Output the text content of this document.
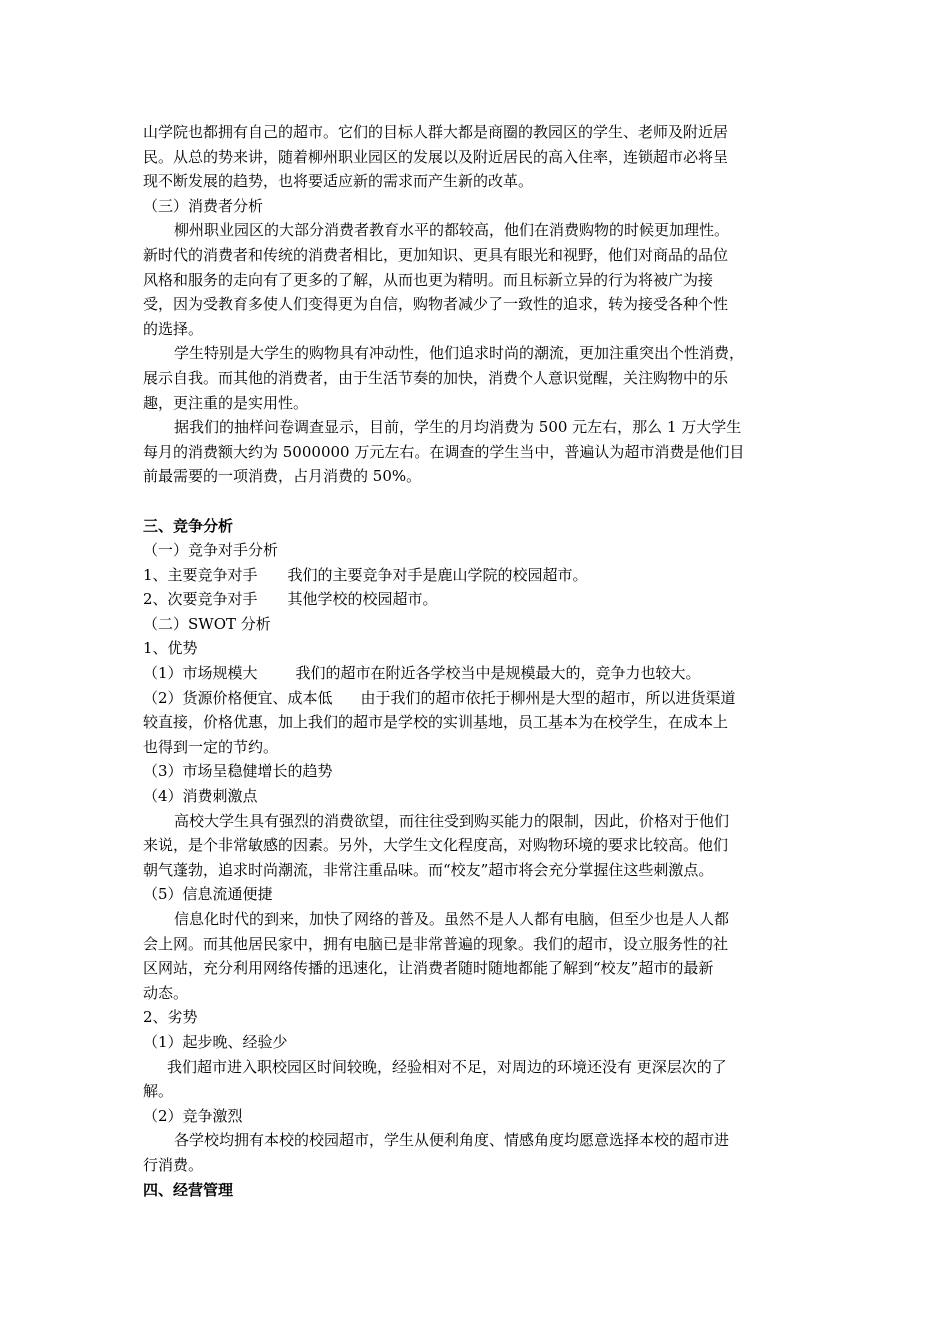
山学院也都拥有自己的超市。它们的目标人群大都是商圈的教园区的学生、老师及附近居
民。从总的势来讲，随着柳州职业园区的发展以及附近居民的高入住率，连锁超市必将呈
现不断发展的趋势，也将要适应新的需求而产生新的改革。
（三）消费者分析
柳州职业园区的大部分消费者教育水平的都较高，他们在消费购物的时候更加理性。
新时代的消费者和传统的消费者相比，更加知识、更具有眼光和视野，他们对商品的品位
风格和服务的走向有了更多的了解，从而也更为精明。而且标新立异的行为将被广为接
受，因为受教育多使人们变得更为自信，购物者减少了一致性的追求，转为接受各种个性
的选择。
学生特别是大学生的购物具有冲动性，他们追求时尚的潮流，更加注重突出个性消费，
展示自我。而其他的消费者，由于生活节奏的加快，消费个人意识觉醒，关注购物中的乐
趣，更注重的是实用性。
据我们的抽样问卷调查显示，目前，学生的月均消费为 500 元左右，那么 1 万大学生
每月的消费额大约为 5000000 万元左右。在调查的学生当中，普遍认为超市消费是他们目
前最需要的一项消费，占月消费的 50%。
三、竞争分析
（一）竞争对手分析
1、主要竞争对手 我们的主要竞争对手是鹿山学院的校园超市。
2、次要竞争对手 其他学校的校园超市。
（二）SWOT 分析
1、优势
（1）市场规模大	我们的超市在附近各学校当中是规模最大的，竞争力也较大。
（2）货源价格便宜、成本低 由于我们的超市依托于柳州是大型的超市，所以进货渠道
较直接，价格优惠，加上我们的超市是学校的实训基地，员工基本为在校学生，在成本上
也得到一定的节约。
（3）市场呈稳健增长的趋势
（4）消费刺激点
高校大学生具有强烈的消费欲望，而往往受到购买能力的限制，因此，价格对于他们
来说，是个非常敏感的因素。另外，大学生文化程度高，对购物环境的要求比较高。他们
朝气蓬勃，追求时尚潮流，非常注重品味。而“校友”超市将会充分掌握住这些刺激点。
（5）信息流通便捷
信息化时代的到来，加快了网络的普及。虽然不是人人都有电脑，但至少也是人人都
会上网。而其他居民家中，拥有电脑已是非常普遍的现象。我们的超市，设立服务性的社
区网站，充分利用网络传播的迅速化，让消费者随时随地都能了解到“校友”超市的最新
动态。
2、劣势
（1）起步晚、经验少
我们超市进入职校园区时间较晚，经验相对不足，对周边的环境还没有 更深层次的了
解。
（2）竞争激烈
各学校均拥有本校的校园超市，学生从便利角度、情感角度均愿意选择本校的超市进
行消费。
四、经营管理
